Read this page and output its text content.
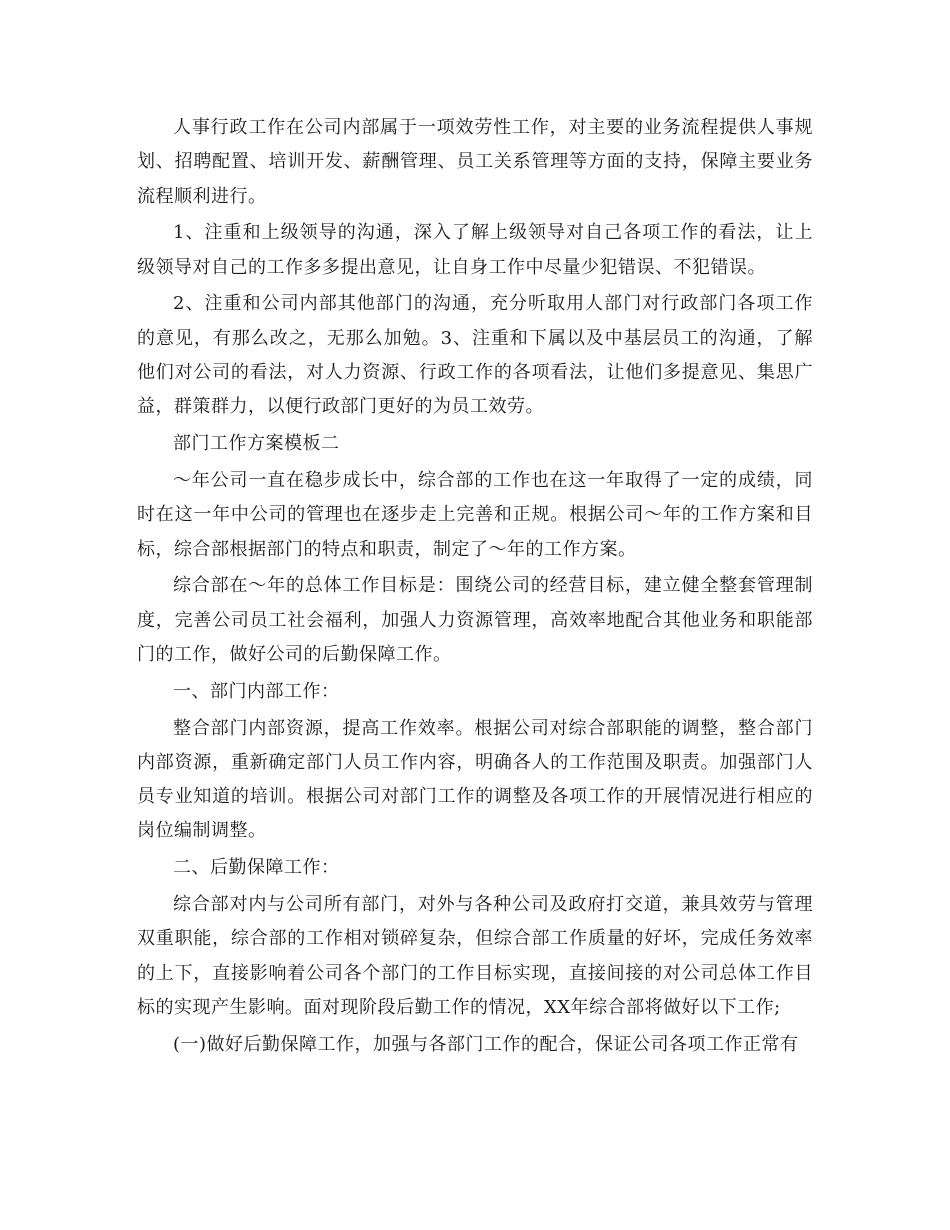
人事行政工作在公司内部属于一项效劳性工作，对主要的业务流程提供人事规划、招聘配置、培训开发、薪酬管理、员工关系管理等方面的支持，保障主要业务流程顺利进行。

1、注重和上级领导的沟通，深入了解上级领导对自己各项工作的看法，让上级领导对自己的工作多多提出意见，让自身工作中尽量少犯错误、不犯错误。

2、注重和公司内部其他部门的沟通，充分听取用人部门对行政部门各项工作的意见，有那么改之，无那么加勉。3、注重和下属以及中基层员工的沟通，了解他们对公司的看法，对人力资源、行政工作的各项看法，让他们多提意见、集思广益，群策群力，以便行政部门更好的为员工效劳。

部门工作方案模板二

～年公司一直在稳步成长中，综合部的工作也在这一年取得了一定的成绩，同时在这一年中公司的管理也在逐步走上完善和正规。根据公司～年的工作方案和目标，综合部根据部门的特点和职责，制定了～年的工作方案。

综合部在～年的总体工作目标是：围绕公司的经营目标，建立健全整套管理制度，完善公司员工社会福利，加强人力资源管理，高效率地配合其他业务和职能部门的工作，做好公司的后勤保障工作。

一、部门内部工作：

整合部门内部资源，提高工作效率。根据公司对综合部职能的调整，整合部门内部资源，重新确定部门人员工作内容，明确各人的工作范围及职责。加强部门人员专业知道的培训。根据公司对部门工作的调整及各项工作的开展情况进行相应的岗位编制调整。

二、后勤保障工作：

综合部对内与公司所有部门，对外与各种公司及政府打交道，兼具效劳与管理双重职能，综合部的工作相对锁碎复杂，但综合部工作质量的好坏，完成任务效率的上下，直接影响着公司各个部门的工作目标实现，直接间接的对公司总体工作目标的实现产生影响。面对现阶段后勤工作的情况，XX年综合部将做好以下工作;

(一)做好后勤保障工作，加强与各部门工作的配合，保证公司各项工作正常有
